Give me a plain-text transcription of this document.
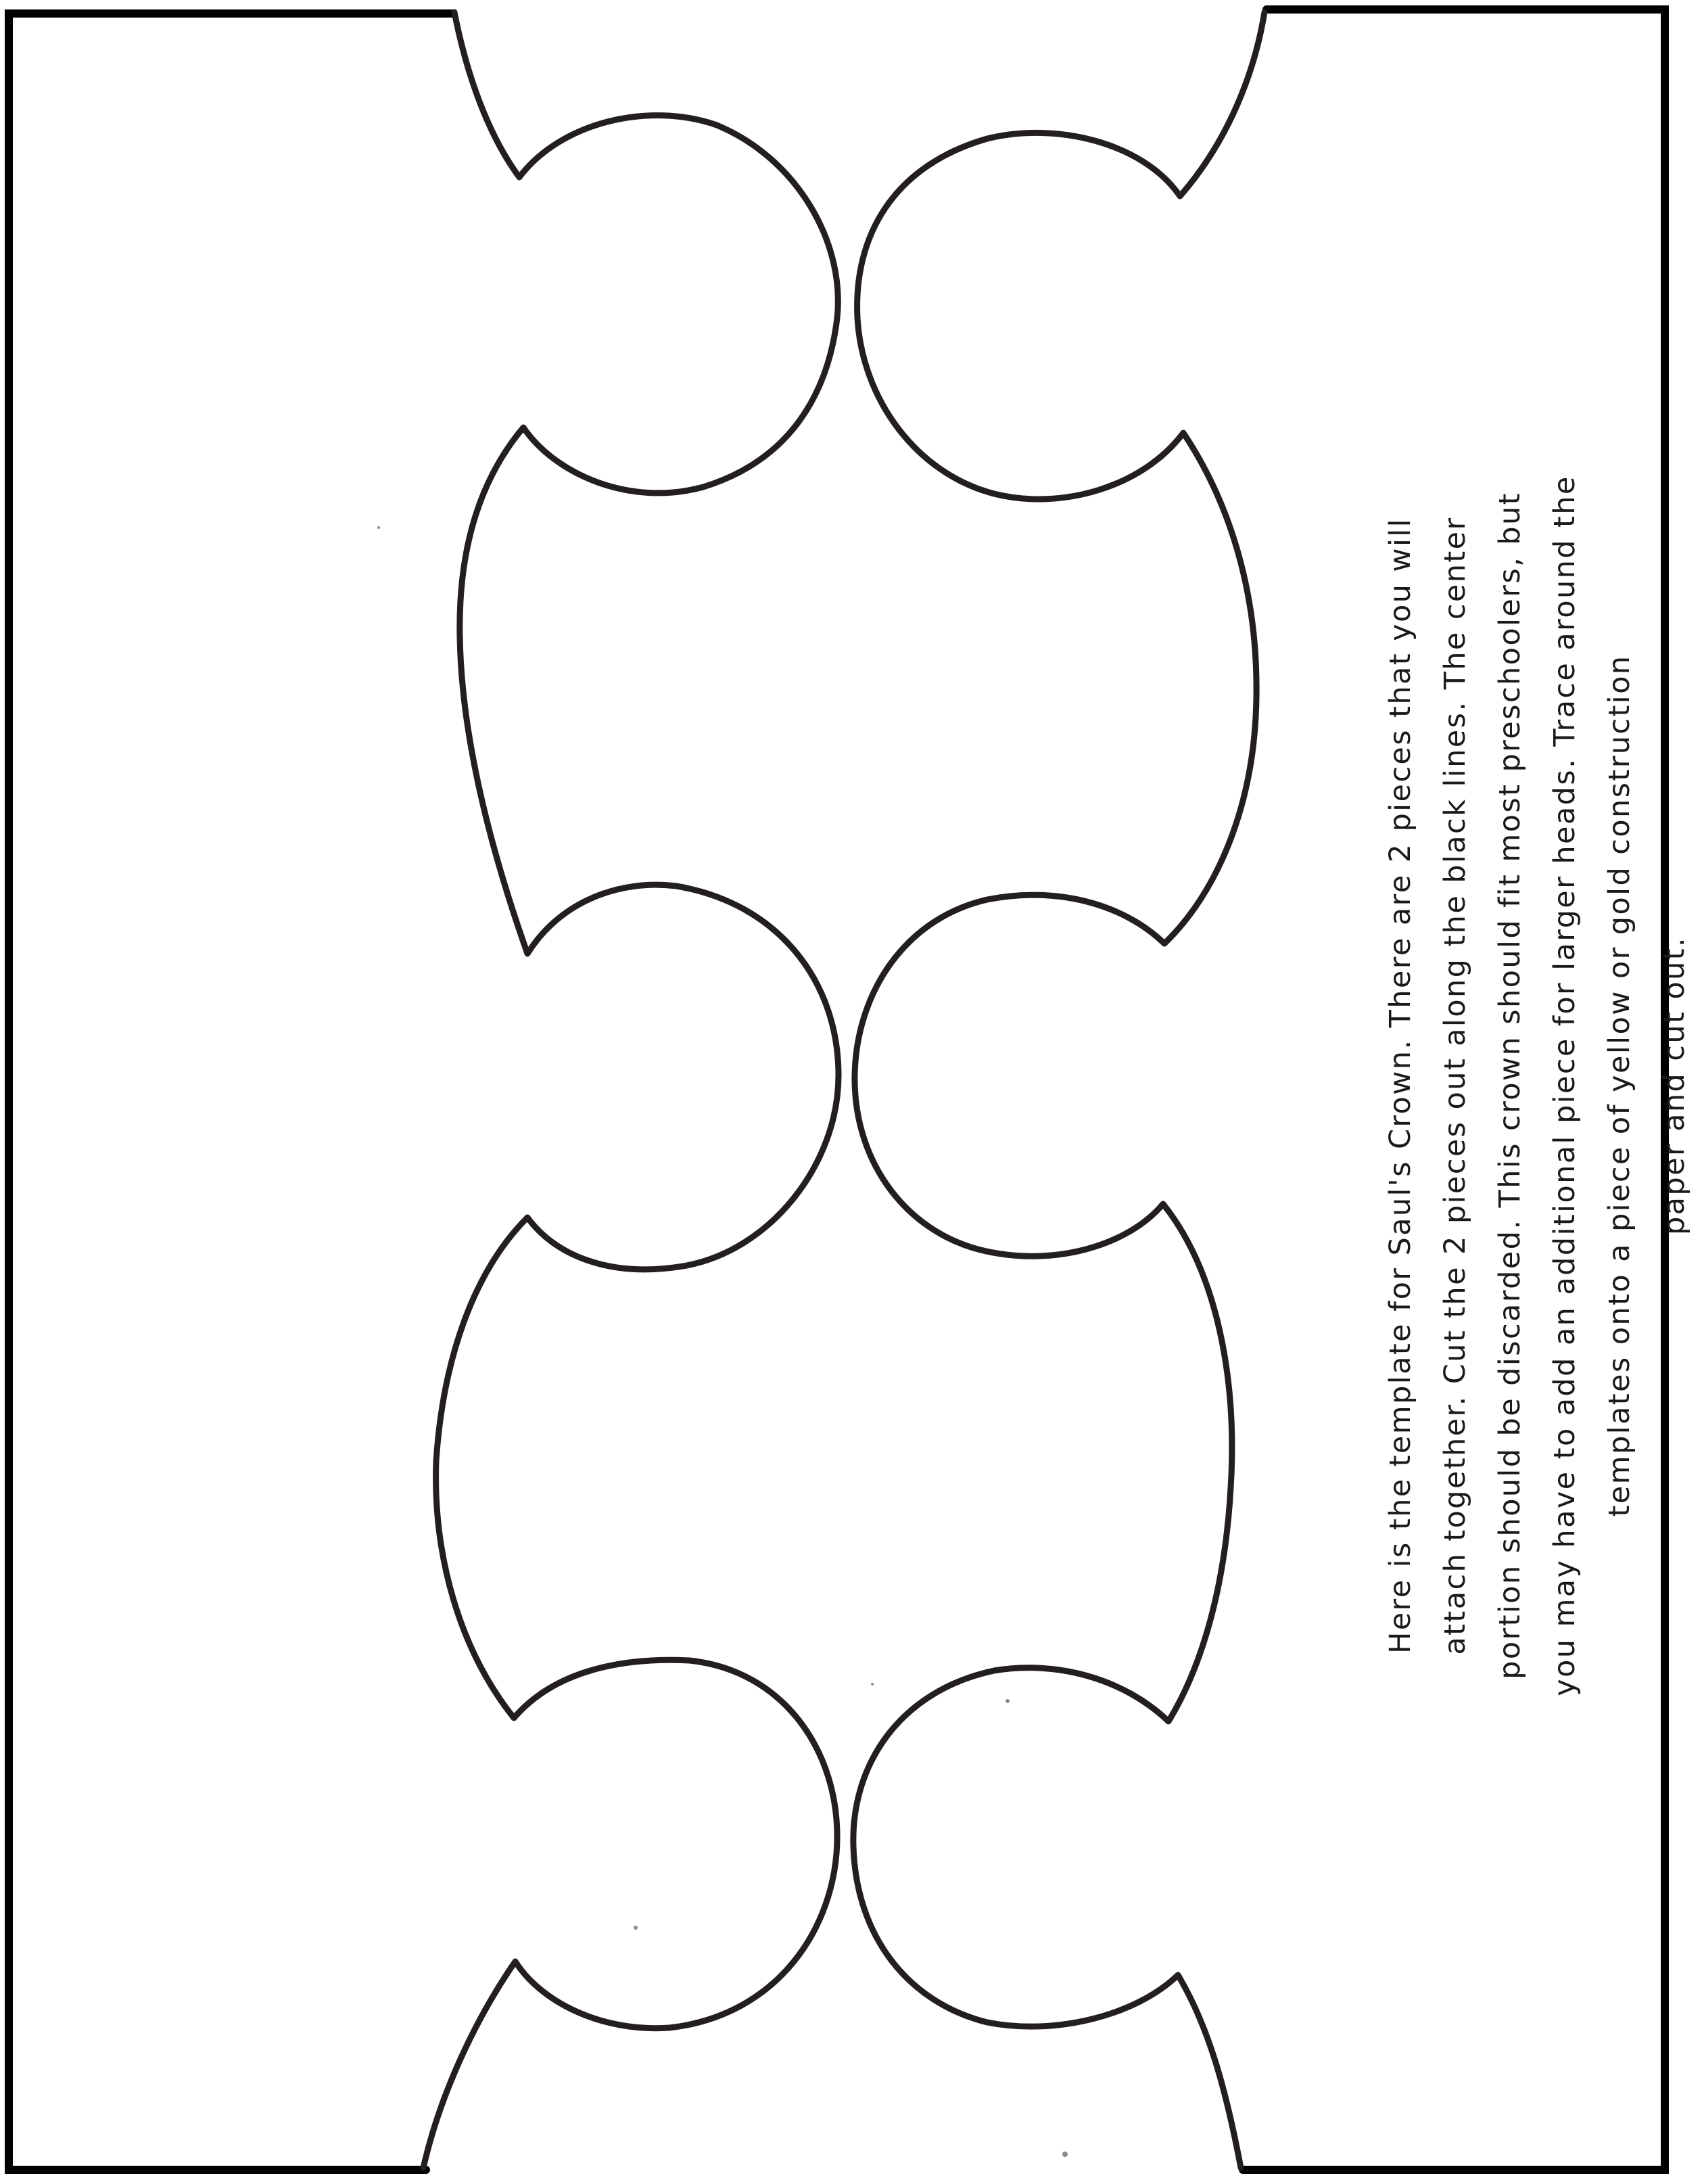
Here is the template for Saul's Crown. There are 2 pieces that you will attach together. Cut the 2 pieces out along the black lines. The center portion should be discarded. This crown should fit most preschoolers, but you may have to add an additional piece for larger heads. Trace around the templates onto a piece of yellow or gold construction paper and cut out.
